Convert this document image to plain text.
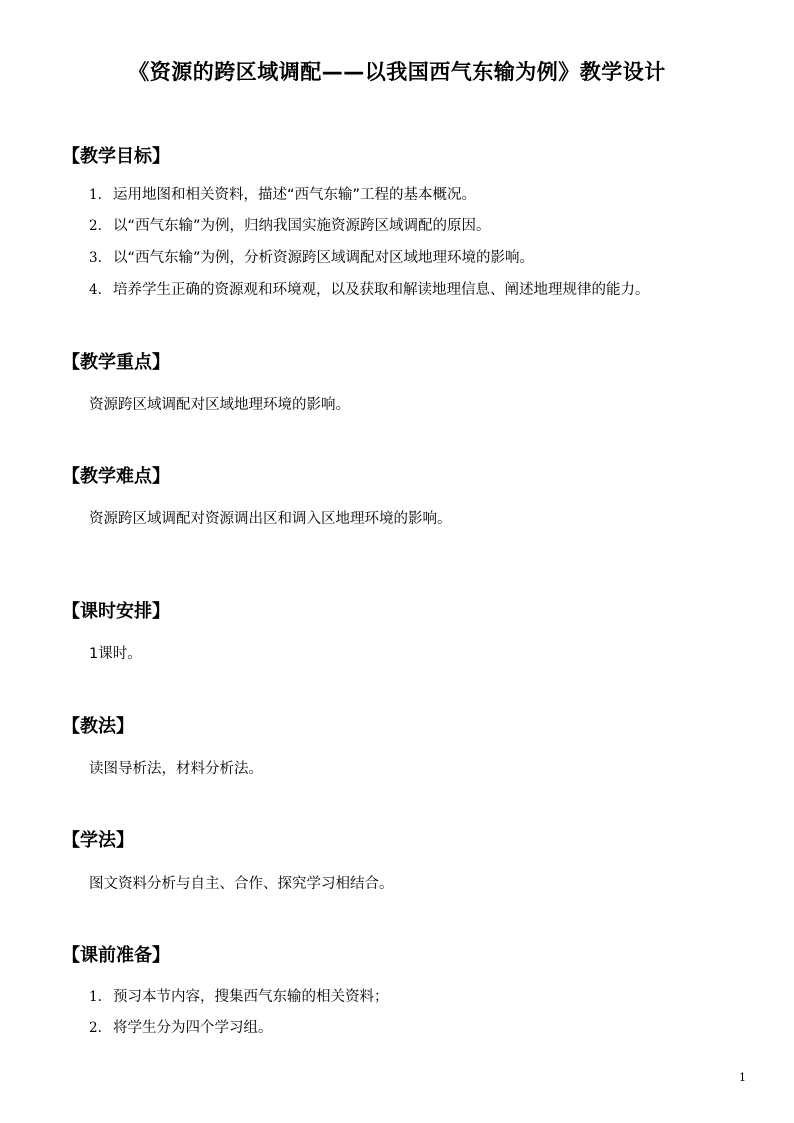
《资源的跨区域调配——以我国西气东输为例》教学设计
【教学目标】
1. 运用地图和相关资料，描述“西气东输”工程的基本概况。
2. 以“西气东输”为例，归纳我国实施资源跨区域调配的原因。
3. 以“西气东输”为例，分析资源跨区域调配对区域地理环境的影响。
4. 培养学生正确的资源观和环境观，以及获取和解读地理信息、阐述地理规律的能力。
【教学重点】
资源跨区域调配对区域地理环境的影响。
【教学难点】
资源跨区域调配对资源调出区和调入区地理环境的影响。
【课时安排】
1课时。
【教法】
读图导析法，材料分析法。
【学法】
图文资料分析与自主、合作、探究学习相结合。
【课前准备】
1. 预习本节内容，搜集西气东输的相关资料；
2. 将学生分为四个学习组。
1
